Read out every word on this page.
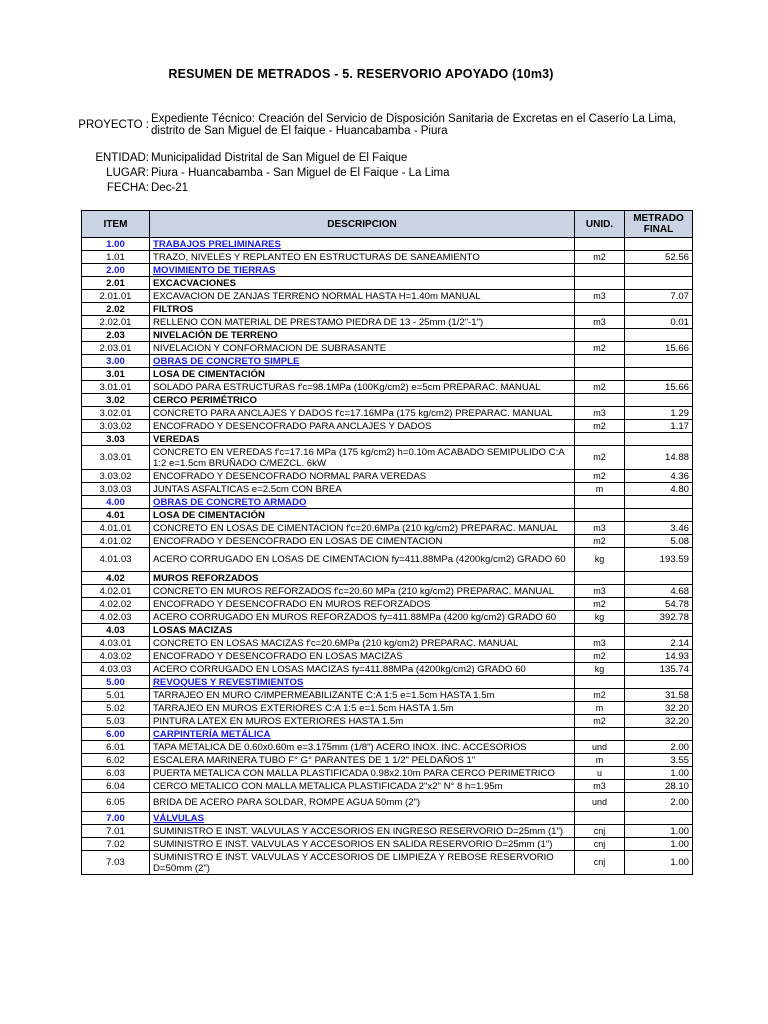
RESUMEN DE METRADOS - 5. RESERVORIO APOYADO (10m3)
PROYECTO : Expediente Técnico: Creación del Servicio de Disposición Sanitaria de Excretas en el Caserío La Lima,
distrito de San Miguel de El faique - Huancabamba - Piura
ENTIDAD: Municipalidad Distrital de San Miguel de El Faique
LUGAR: Piura - Huancabamba - San Miguel de El Faique - La Lima
FECHA: Dec-21
ITEM	DESCRIPCION	UNID.	METRADO FINAL
1.00	TRABAJOS PRELIMINARES		
1.01	TRAZO, NIVELES Y REPLANTEO EN ESTRUCTURAS DE SANEAMIENTO	m2	52.56
2.00	MOVIMIENTO DE TIERRAS		
2.01	EXCACVACIONES		
2.01.01	EXCAVACION DE ZANJAS TERRENO NORMAL HASTA H=1.40m MANUAL	m3	7.07
2.02	FILTROS		
2.02.01	RELLENO CON MATERIAL DE PRESTAMO PIEDRA DE 13 - 25mm (1/2"-1")	m3	0.01
2.03	NIVELACIÓN DE TERRENO		
2.03.01	NIVELACION Y CONFORMACION DE SUBRASANTE	m2	15.66
3.00	OBRAS DE CONCRETO SIMPLE		
3.01	LOSA DE CIMENTACIÓN		
3.01.01	SOLADO PARA ESTRUCTURAS f'c=98.1MPa (100Kg/cm2) e=5cm PREPARAC. MANUAL	m2	15.66
3.02	CERCO PERIMÉTRICO		
3.02.01	CONCRETO PARA ANCLAJES Y DADOS f'c=17.16MPa (175 kg/cm2) PREPARAC. MANUAL	m3	1.29
3.03.02	ENCOFRADO Y DESENCOFRADO PARA ANCLAJES Y DADOS	m2	1.17
3.03	VEREDAS		
3.03.01	CONCRETO EN VEREDAS f'c=17.16 MPa (175 kg/cm2) h=0.10m ACABADO SEMIPULIDO C:A 1:2 e=1.5cm BRUÑADO C/MEZCL. 6kW	m2	14.88
3.03.02	ENCOFRADO Y DESENCOFRADO NORMAL PARA VEREDAS	m2	4.36
3.03.03	JUNTAS ASFALTICAS e=2.5cm CON BREA	m	4.80
4.00	OBRAS DE CONCRETO ARMADO		
4.01	LOSA DE CIMENTACIÓN		
4.01.01	CONCRETO EN LOSAS DE CIMENTACION f'c=20.6MPa (210 kg/cm2) PREPARAC. MANUAL	m3	3.46
4.01.02	ENCOFRADO Y DESENCOFRADO EN LOSAS DE CIMENTACION	m2	5.08
4.01.03	ACERO CORRUGADO EN LOSAS DE CIMENTACION fy=411.88MPa (4200kg/cm2) GRADO 60	kg	193.59
4.02	MUROS REFORZADOS		
4.02.01	CONCRETO EN MUROS REFORZADOS f'c=20.60 MPa (210 kg/cm2) PREPARAC. MANUAL	m3	4.68
4.02.02	ENCOFRADO Y DESENCOFRADO EN MUROS REFORZADOS	m2	54.78
4.02.03	ACERO CORRUGADO EN MUROS REFORZADOS fy=411.88MPa (4200 kg/cm2) GRADO 60	kg	392.78
4.03	LOSAS MACIZAS		
4.03.01	CONCRETO EN LOSAS MACIZAS f'c=20.6MPa (210 kg/cm2) PREPARAC. MANUAL	m3	2.14
4.03.02	ENCOFRADO Y DESENCOFRADO EN LOSAS MACIZAS	m2	14.93
4.03.03	ACERO CORRUGADO EN LOSAS MACIZAS fy=411.88MPa (4200kg/cm2) GRADO 60	kg	135.74
5.00	REVOQUES Y REVESTIMIENTOS		
5.01	TARRAJEO EN MURO C/IMPERMEABILIZANTE C:A 1:5 e=1.5cm HASTA 1.5m	m2	31.58
5.02	TARRAJEO EN MUROS EXTERIORES C:A 1:5 e=1.5cm HASTA 1.5m	m	32.20
5.03	PINTURA LATEX EN MUROS EXTERIORES HASTA 1.5m	m2	32.20
6.00	CARPINTERÍA METÁLICA		
6.01	TAPA METALICA DE 0.60x0.60m e=3.175mm (1/8") ACERO INOX. INC. ACCESORIOS	und	2.00
6.02	ESCALERA MARINERA TUBO F° G° PARANTES DE 1 1/2" PELDAÑOS 1"	m	3.55
6.03	PUERTA METALICA CON MALLA PLASTIFICADA 0.98x2.10m PARA CERCO PERIMETRICO	u	1.00
6.04	CERCO METALICO CON MALLA METALICA PLASTIFICADA 2"x2" N° 8 h=1.95m	m3	28.10
6.05	BRIDA DE ACERO PARA SOLDAR, ROMPE AGUA 50mm (2")	und	2.00
7.00	VÁLVULAS		
7.01	SUMINISTRO E INST. VALVULAS Y ACCESORIOS EN INGRESO RESERVORIO D=25mm (1")	cnj	1.00
7.02	SUMINISTRO E INST. VALVULAS Y ACCESORIOS EN SALIDA RESERVORIO D=25mm (1")	cnj	1.00
7.03	SUMINISTRO E INST. VALVULAS Y ACCESORIOS DE LIMPIEZA Y REBOSE RESERVORIO D=50mm (2")	cnj	1.00
